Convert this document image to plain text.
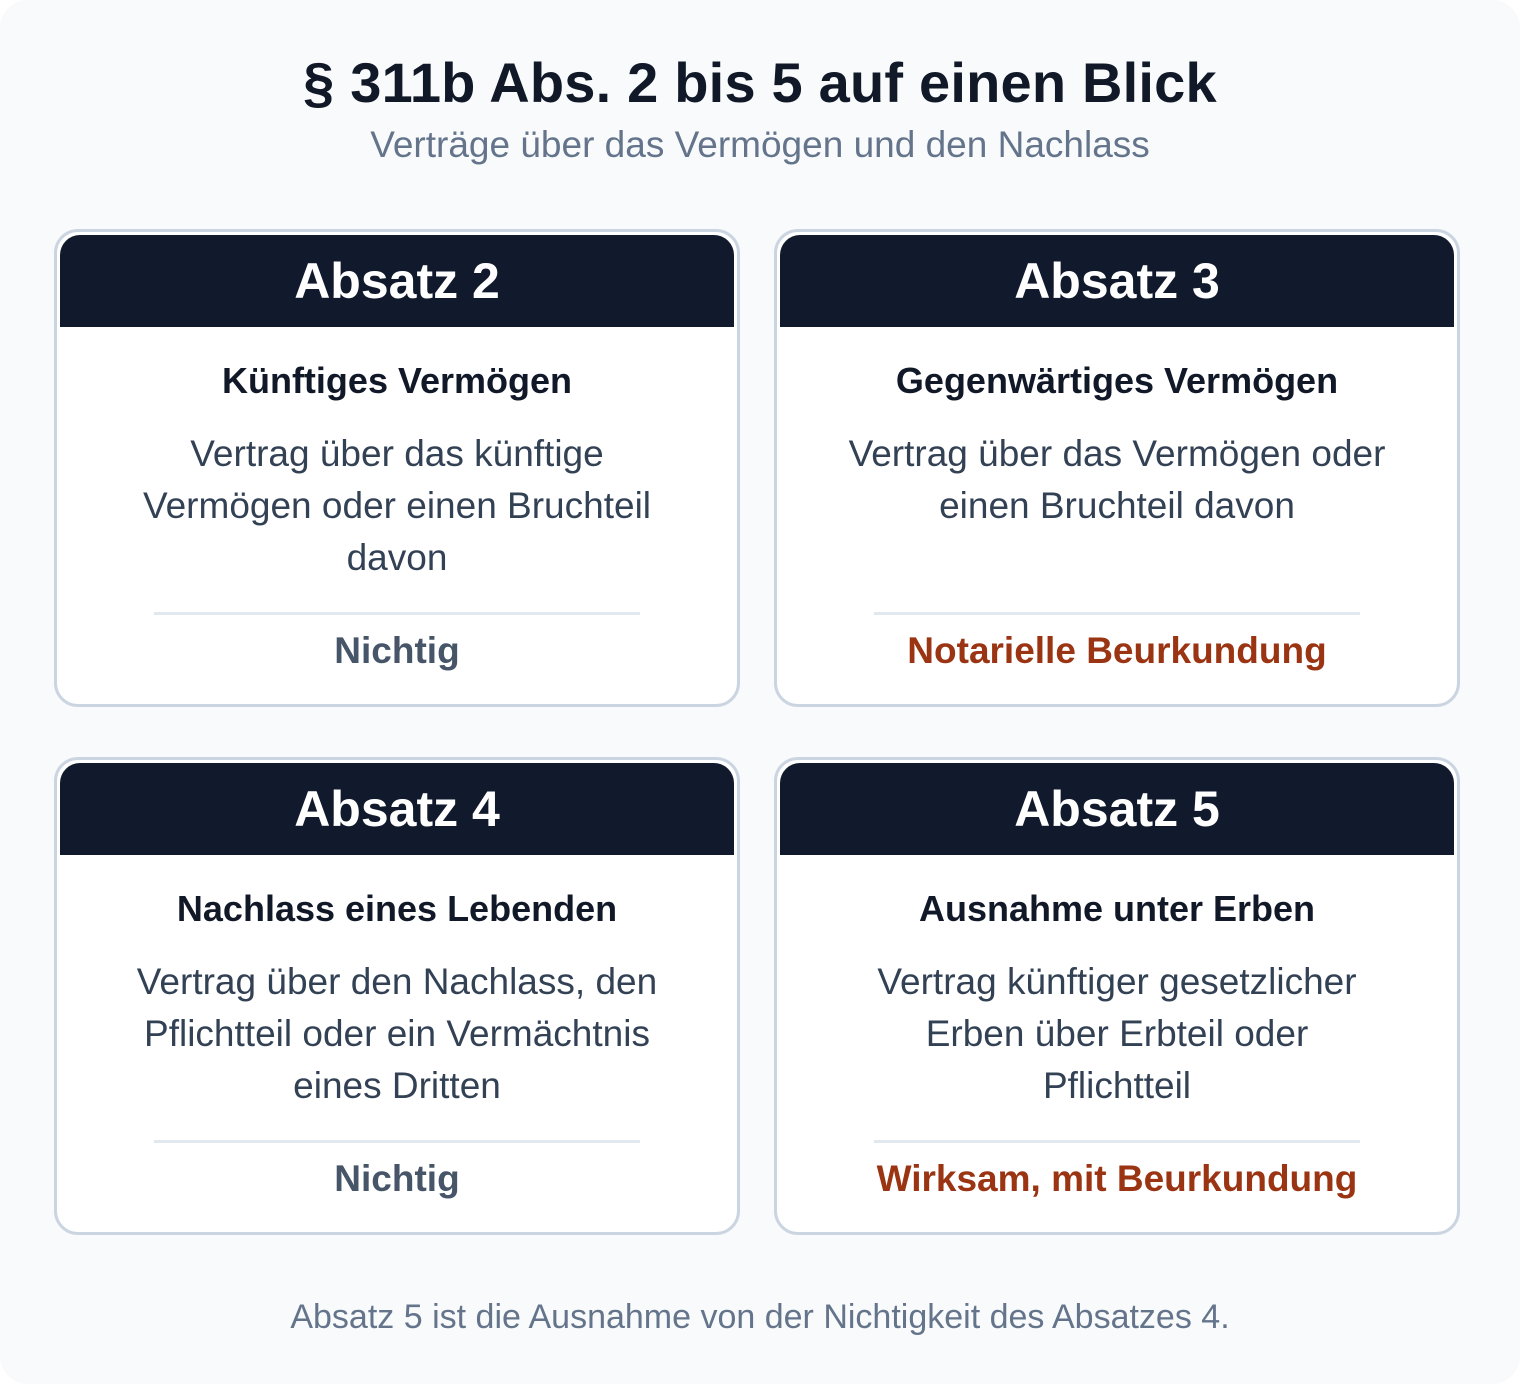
§ 311b Abs. 2 bis 5 auf einen Blick
Verträge über das Vermögen und den Nachlass
Absatz 2
Künftiges Vermögen
Vertrag über das künftige Vermögen oder einen Bruchteil davon
Nichtig
Absatz 3
Gegenwärtiges Vermögen
Vertrag über das Vermögen oder einen Bruchteil davon
Notarielle Beurkundung
Absatz 4
Nachlass eines Lebenden
Vertrag über den Nachlass, den Pflichtteil oder ein Vermächtnis eines Dritten
Nichtig
Absatz 5
Ausnahme unter Erben
Vertrag künftiger gesetzlicher Erben über Erbteil oder Pflichtteil
Wirksam, mit Beurkundung
Absatz 5 ist die Ausnahme von der Nichtigkeit des Absatzes 4.
